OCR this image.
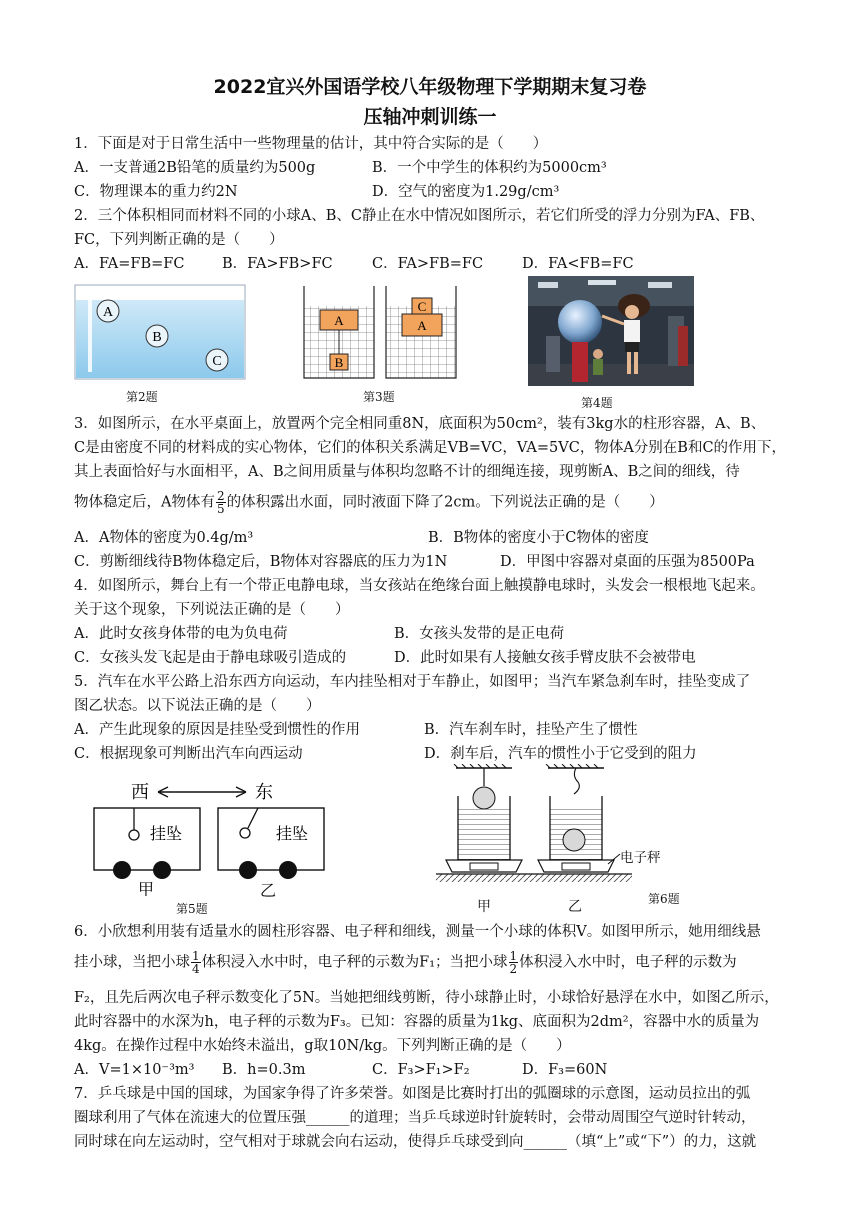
2022宜兴外国语学校八年级物理下学期期末复习卷
压轴冲刺训练一
1．下面是对于日常生活中一些物理量的估计，其中符合实际的是（　　）
A．一支普通2B铅笔的质量约为500g	B．一个中学生的体积约为5000cm³
C．物理课本的重力约2N	D．空气的密度为1.29g/cm³
2．三个体积相同而材料不同的小球A、B、C静止在水中情况如图所示，若它们所受的浮力分别为FA、FB、
FC，下列判断正确的是（　　）
A．FA=FB=FC	B．FA>FB>FC	C．FA>FB=FC	D．FA<FB=FC
A
B
C
第2题
A
B
C
A
第3题	第4题
3．如图所示，在水平桌面上，放置两个完全相同重8N，底面积为50cm²，装有3kg水的柱形容器，A、B、
C是由密度不同的材料成的实心物体，它们的体积关系满足VB=VC，VA=5VC，物体A分别在B和C的作用下，
其上表面恰好与水面相平，A、B之间用质量与体积均忽略不计的细绳连接，现剪断A、B之间的细线，待
物体稳定后，A物体有 $\frac{2}{5}$ 的体积露出水面，同时液面下降了2cm。下列说法正确的是（　　）
A．A物体的密度为0.4g/m³	B．B物体的密度小于C物体的密度
C．剪断细线待B物体稳定后，B物体对容器底的压力为1N	D．甲图中容器对桌面的压强为8500Pa
4．如图所示，舞台上有一个带正电静电球，当女孩站在绝缘台面上触摸静电球时，头发会一根根地飞起来。
关于这个现象，下列说法正确的是（　　）
A．此时女孩身体带的电为负电荷	B．女孩头发带的是正电荷
C．女孩头发飞起是由于静电球吸引造成的	D．此时如果有人接触女孩手臂皮肤不会被带电
5．汽车在水平公路上沿东西方向运动，车内挂坠相对于车静止，如图甲；当汽车紧急刹车时，挂坠变成了
图乙状态。以下说法正确的是（　　）
A．产生此现象的原因是挂坠受到惯性的作用	B．汽车刹车时，挂坠产生了惯性
C．根据现象可判断出汽车向西运动	D．刹车后，汽车的惯性小于它受到的阻力
西	东
挂坠
甲
挂坠
乙
第5题
电子秤
甲	乙	第6题
6．小欣想利用装有适量水的圆柱形容器、电子秤和细线，测量一个小球的体积V。如图甲所示，她用细线悬
挂小球，当把小球 $\frac{1}{4}$ 体积浸入水中时，电子秤的示数为F₁；当把小球 $\frac{1}{2}$ 体积浸入水中时，电子秤的示数为
F₂，且先后两次电子秤示数变化了5N。当她把细线剪断，待小球静止时，小球恰好悬浮在水中，如图乙所示，
此时容器中的水深为h，电子秤的示数为F₃。已知：容器的质量为1kg、底面积为2dm²，容器中水的质量为
4kg。在操作过程中水始终未溢出，g取10N/kg。下列判断正确的是（　　）
A．V=1×10⁻³m³ B．h=0.3m	C．F₃>F₁>F₂	D．F₃=60N
7．乒乓球是中国的国球，为国家争得了许多荣誉。如图是比赛时打出的弧圈球的示意图，运动员拉出的弧
圈球利用了气体在流速大的位置压强______的道理；当乒乓球逆时针旋转时，会带动周围空气逆时针转动，
同时球在向左运动时，空气相对于球就会向右运动，使得乒乓球受到向______（填“上”或“下”）的力，这就
